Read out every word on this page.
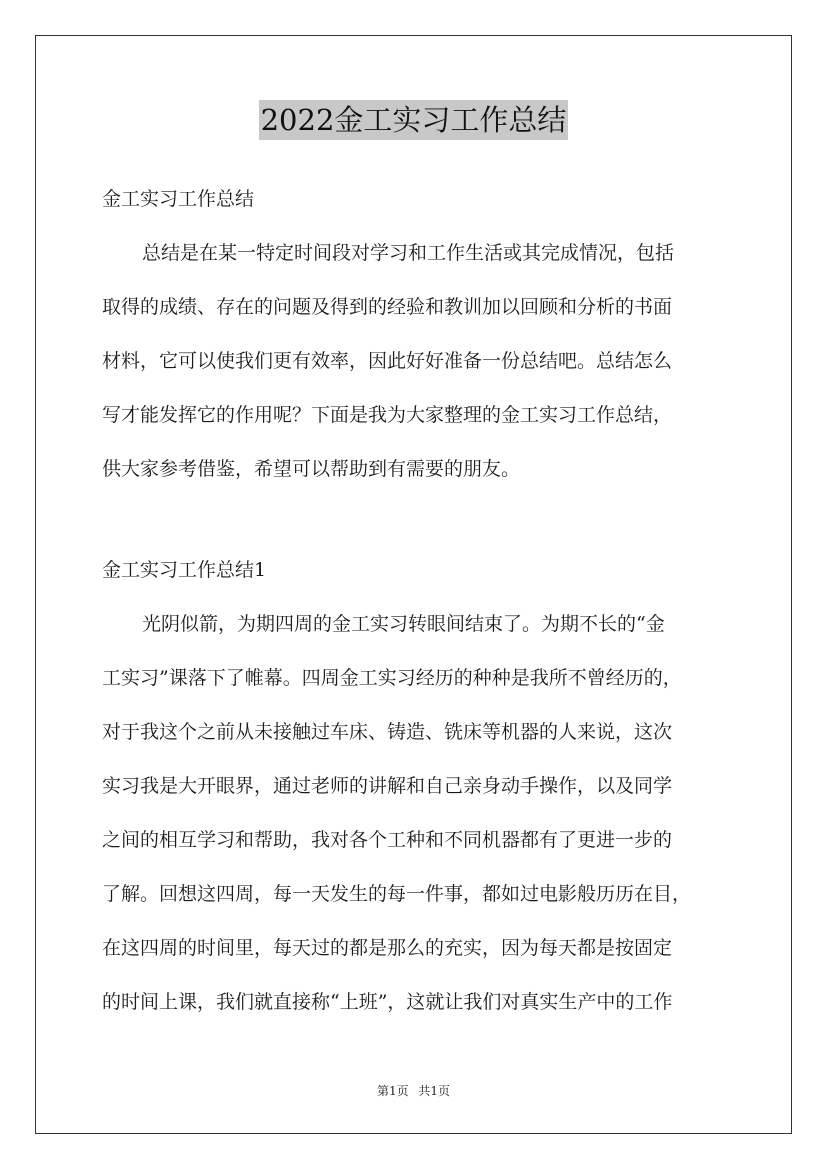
2022金工实习工作总结
金工实习工作总结
总结是在某一特定时间段对学习和工作生活或其完成情况，包括
取得的成绩、存在的问题及得到的经验和教训加以回顾和分析的书面
材料，它可以使我们更有效率，因此好好准备一份总结吧。总结怎么
写才能发挥它的作用呢？下面是我为大家整理的金工实习工作总结，
供大家参考借鉴，希望可以帮助到有需要的朋友。
金工实习工作总结1
光阴似箭，为期四周的金工实习转眼间结束了。为期不长的“金
工实习”课落下了帷幕。四周金工实习经历的种种是我所不曾经历的，
对于我这个之前从未接触过车床、铸造、铣床等机器的人来说，这次
实习我是大开眼界，通过老师的讲解和自己亲身动手操作，以及同学
之间的相互学习和帮助，我对各个工种和不同机器都有了更进一步的
了解。回想这四周，每一天发生的每一件事，都如过电影般历历在目，
在这四周的时间里，每天过的都是那么的充实，因为每天都是按固定
的时间上课，我们就直接称“上班”，这就让我们对真实生产中的工作
第1页 共1页
